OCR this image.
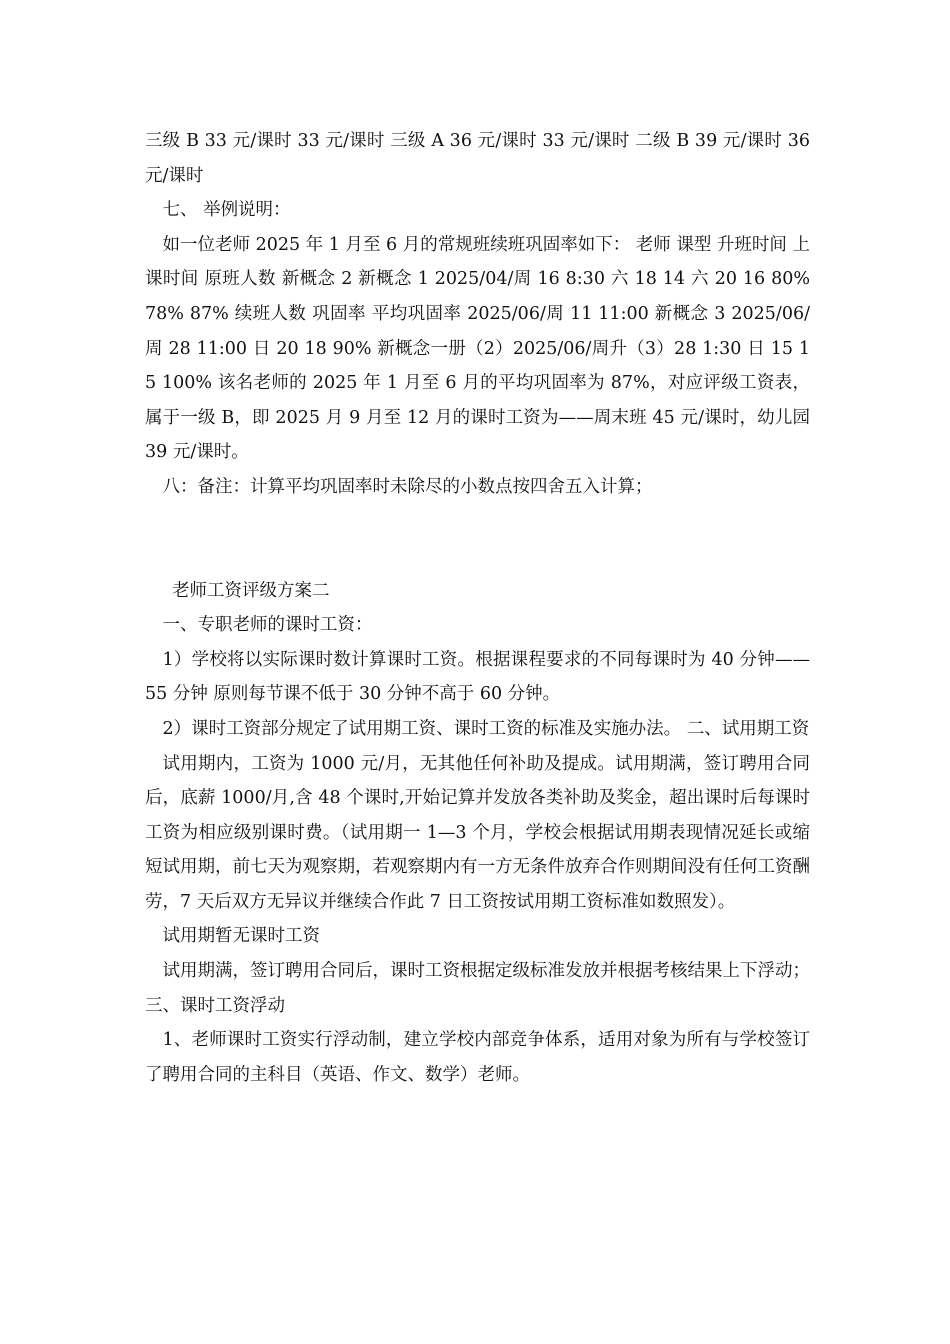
三级 B 33 元/课时 33 元/课时 三级 A 36 元/课时 33 元/课时 二级 B 39 元/课时 36 元/课时

七、 举例说明：

如一位老师 2025 年 1 月至 6 月的常规班续班巩固率如下： 老师 课型 升班时间 上课时间 原班人数 新概念 2 新概念 1 2025/04/周 16 8:30 六 18 14 六 20 16 80% 78% 87% 续班人数 巩固率 平均巩固率 2025/06/周 11 11:00 新概念 3 2025/06/周 28 11:00 日 20 18 90% 新概念一册（2）2025/06/周升（3）28 1:30 日 15 15 100% 该名老师的 2025 年 1 月至 6 月的平均巩固率为 87%，对应评级工资表，属于一级 B，即 2025 月 9 月至 12 月的课时工资为——周末班 45 元/课时，幼儿园 39 元/课时。

八：备注：计算平均巩固率时未除尽的小数点按四舍五入计算；

老师工资评级方案二

一、专职老师的课时工资：

1）学校将以实际课时数计算课时工资。根据课程要求的不同每课时为 40 分钟——55 分钟 原则每节课不低于 30 分钟不高于 60 分钟。

2）课时工资部分规定了试用期工资、课时工资的标准及实施办法。 二、试用期工资

试用期内，工资为 1000 元/月，无其他任何补助及提成。试用期满，签订聘用合同后，底薪 1000/月,含 48 个课时,开始记算并发放各类补助及奖金，超出课时后每课时工资为相应级别课时费。（试用期一 1—3 个月，学校会根据试用期表现情况延长或缩短试用期，前七天为观察期，若观察期内有一方无条件放弃合作则期间没有任何工资酬劳，7 天后双方无异议并继续合作此 7 日工资按试用期工资标准如数照发）。

试用期暂无课时工资

试用期满，签订聘用合同后，课时工资根据定级标准发放并根据考核结果上下浮动； 三、课时工资浮动

1、老师课时工资实行浮动制，建立学校内部竞争体系，适用对象为所有与学校签订了聘用合同的主科目（英语、作文、数学）老师。
